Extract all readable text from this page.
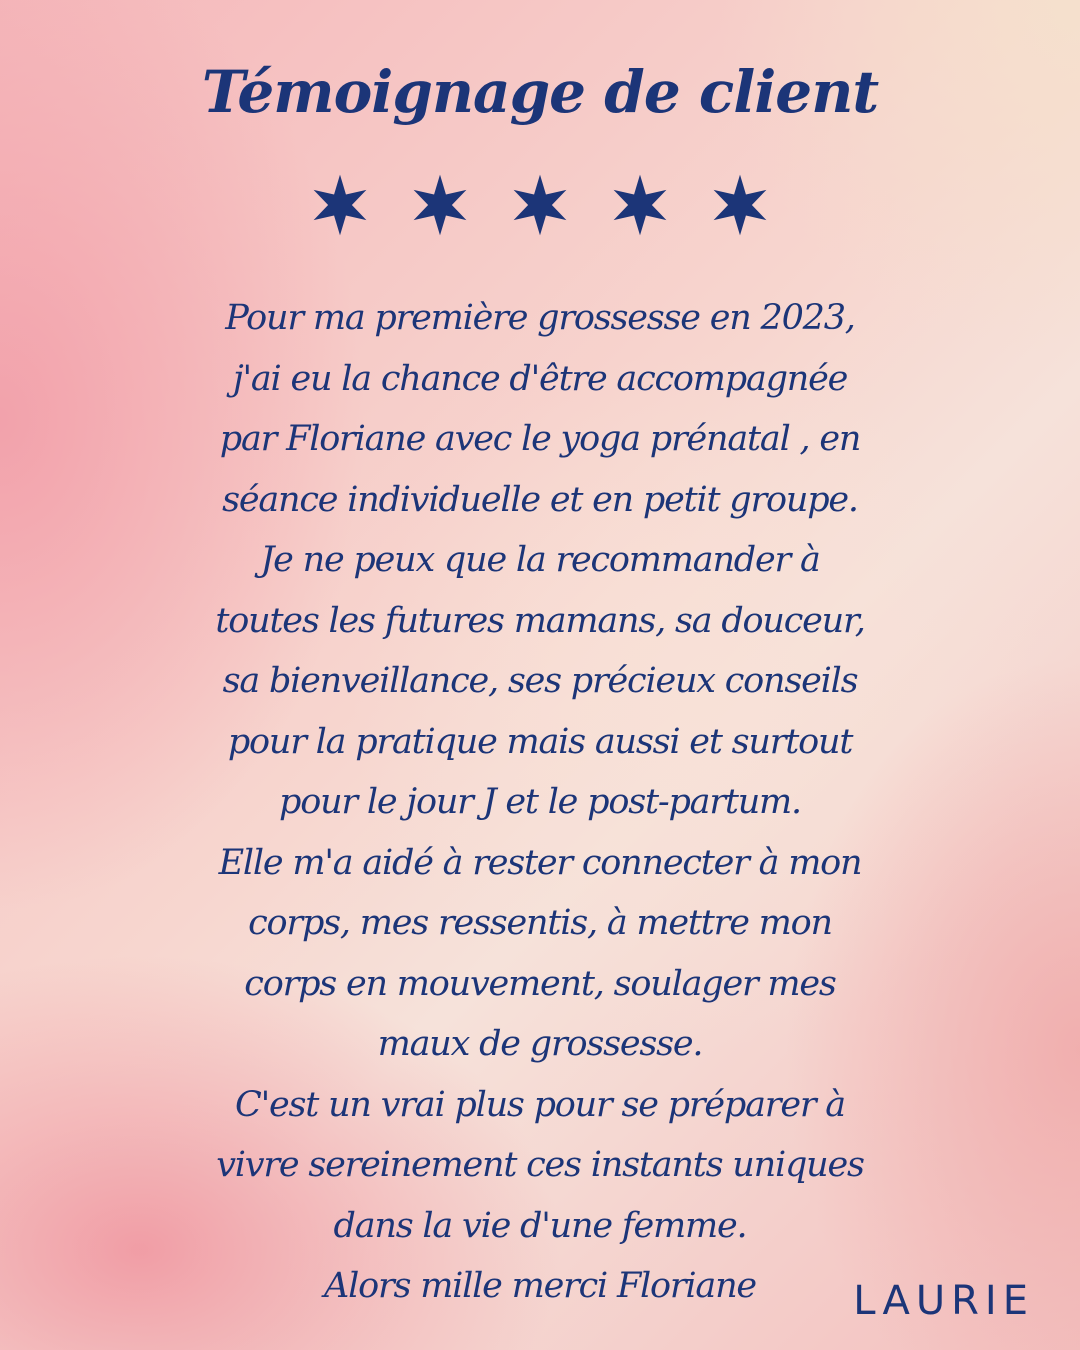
Témoignage de client
Pour ma première grossesse en 2023,
j'ai eu la chance d'être accompagnée
par Floriane avec le yoga prénatal , en
séance individuelle et en petit groupe.
Je ne peux que la recommander à
toutes les futures mamans, sa douceur,
sa bienveillance, ses précieux conseils
pour la pratique mais aussi et surtout
pour le jour J et le post-partum.
Elle m'a aidé à rester connecter à mon
corps, mes ressentis, à mettre mon
corps en mouvement, soulager mes
maux de grossesse.
C'est un vrai plus pour se préparer à
vivre sereinement ces instants uniques
dans la vie d'une femme.
Alors mille merci Floriane	LAURIE
